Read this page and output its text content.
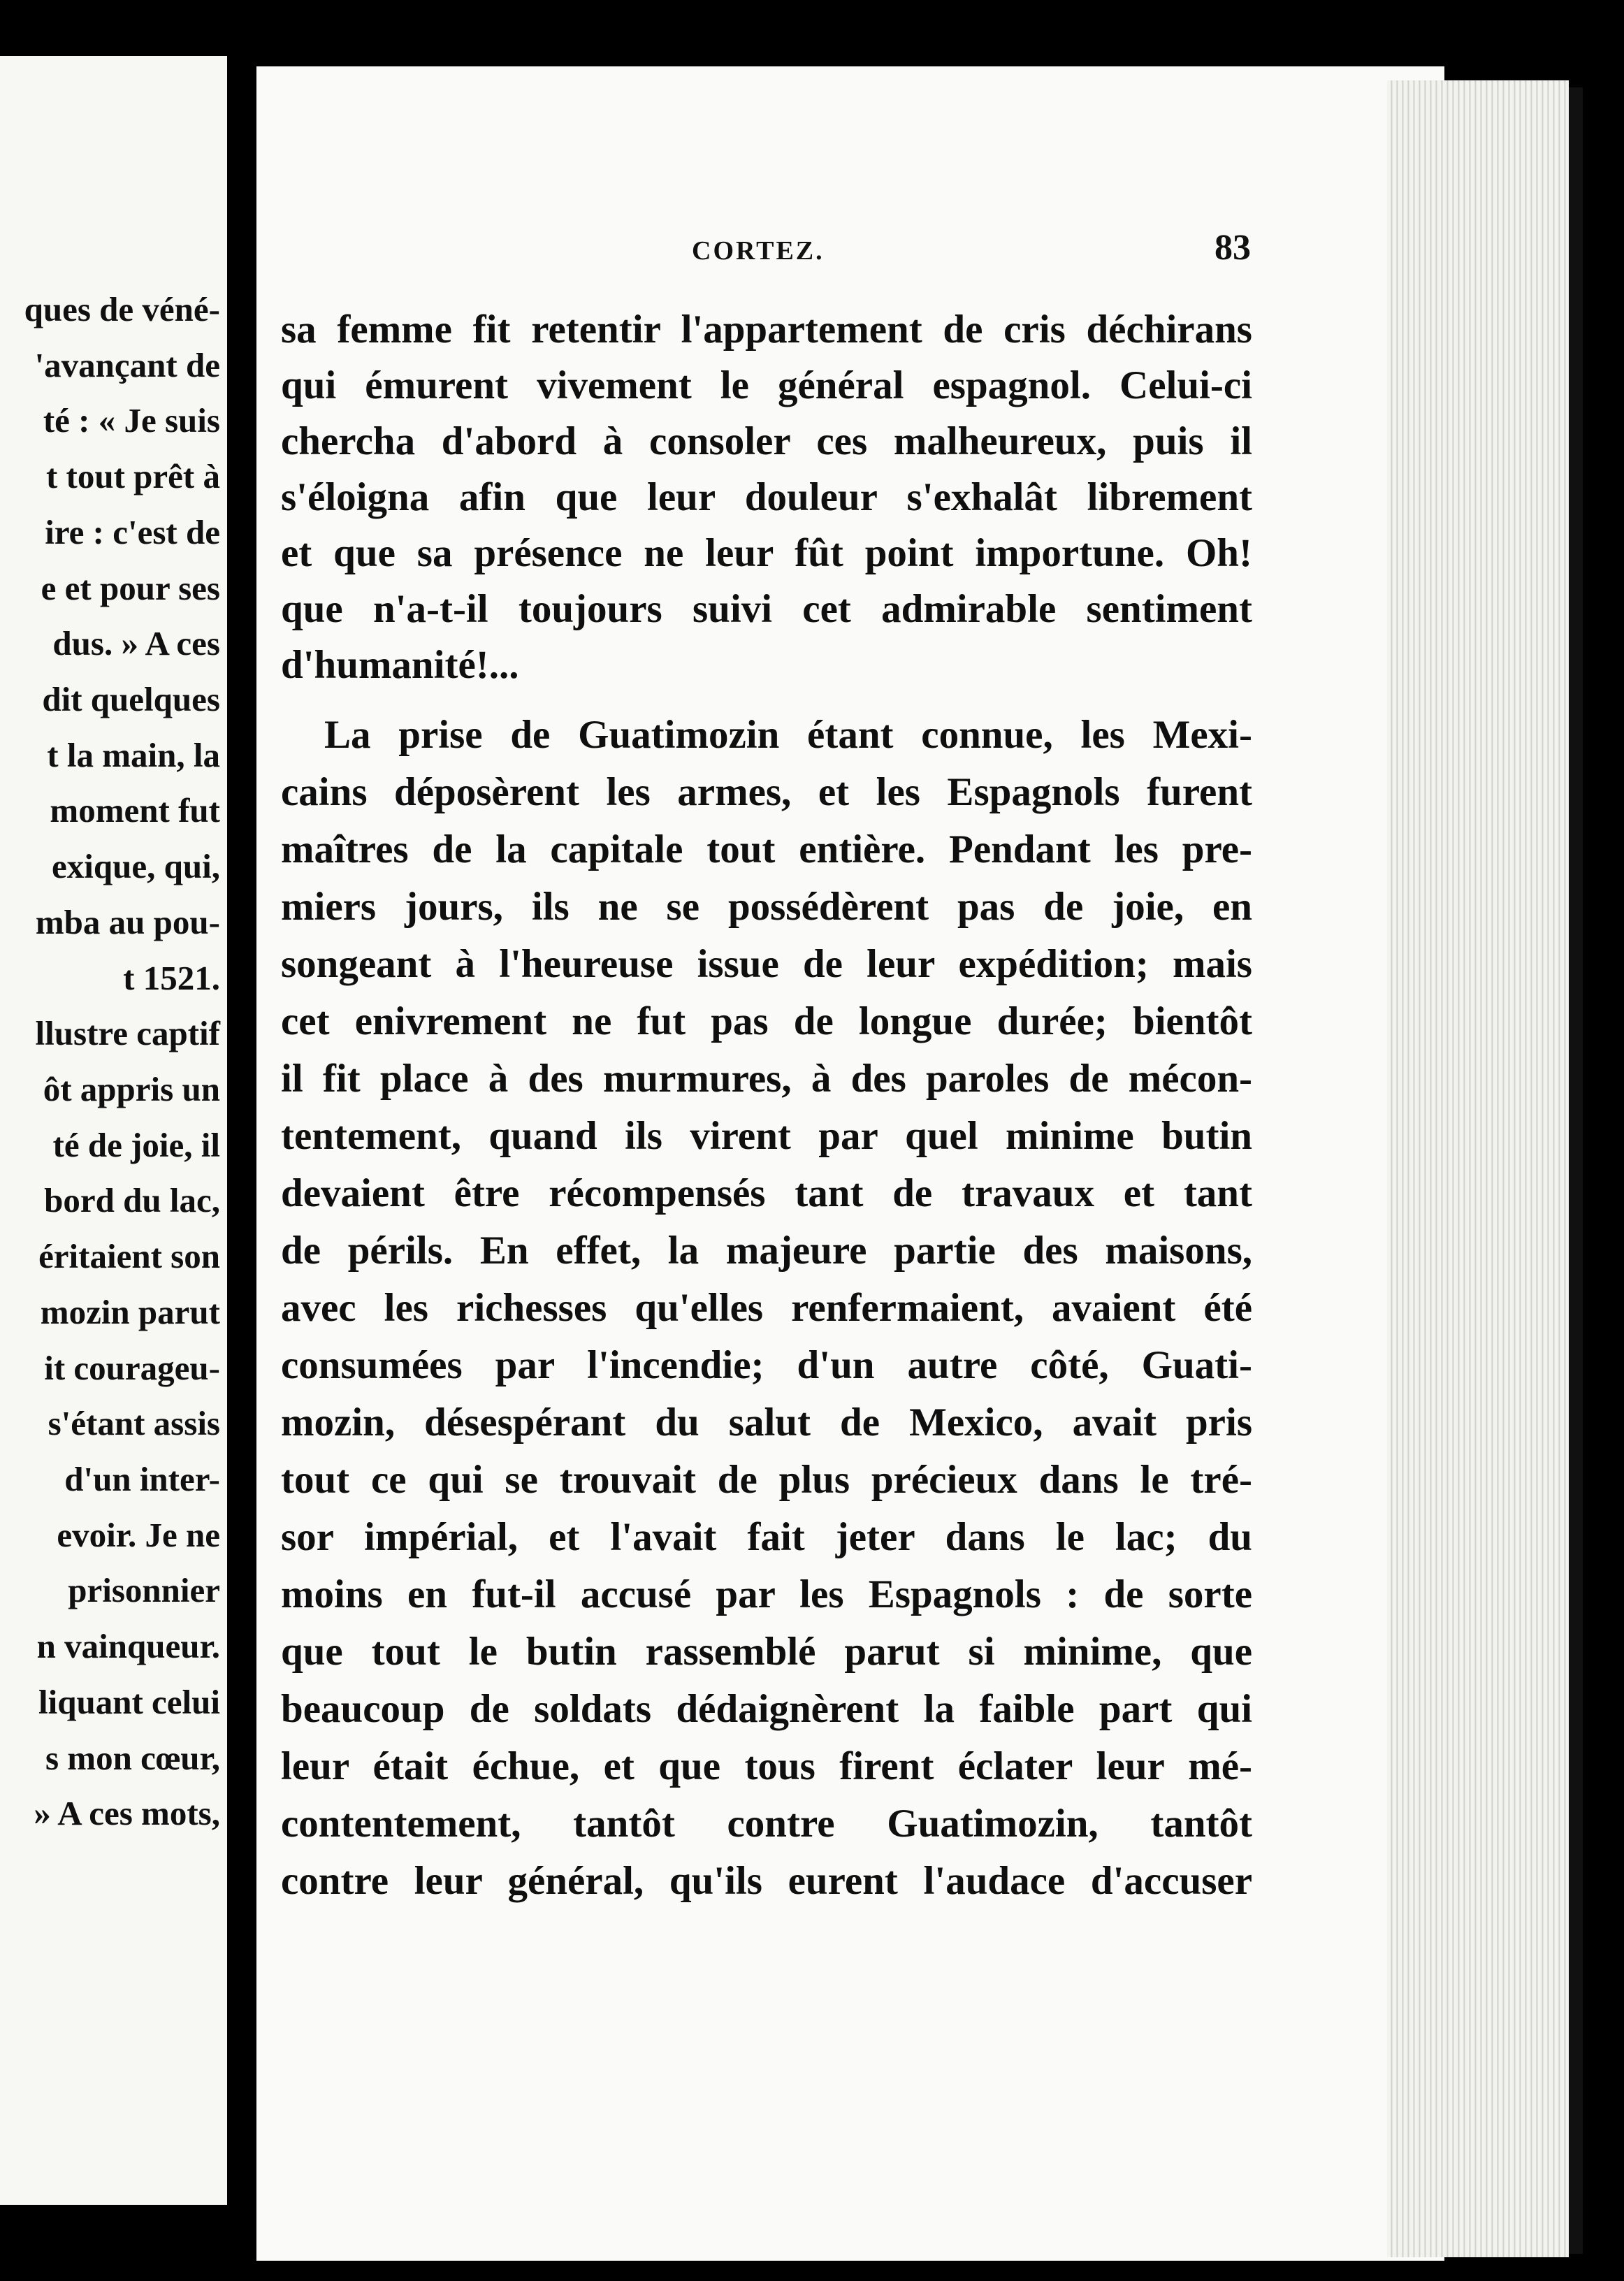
ques de véné-
'avançant de
té : « Je suis
t tout prêt à
ire : c'est de
e et pour ses
dus. » A ces
dit quelques
t la main, la
moment fut
exique, qui,
mba au pou-
t 1521.
llustre captif
ôt appris un
té de joie, il
bord du lac,
éritaient son
mozin parut
it courageu-
s'étant assis
d'un inter-
evoir. Je ne
prisonnier
n vainqueur.
liquant celui
s mon cœur,
» A ces mots,
CORTEZ.	83
sa femme fit retentir l'appartement de cris déchirans
qui émurent vivement le général espagnol. Celui-ci
chercha d'abord à consoler ces malheureux, puis il
s'éloigna afin que leur douleur s'exhalât librement
et que sa présence ne leur fût point importune. Oh!
que n'a-t-il toujours suivi cet admirable sentiment
d'humanité!...
La prise de Guatimozin étant connue, les Mexi-
cains déposèrent les armes, et les Espagnols furent
maîtres de la capitale tout entière. Pendant les pre-
miers jours, ils ne se possédèrent pas de joie, en
songeant à l'heureuse issue de leur expédition; mais
cet enivrement ne fut pas de longue durée; bientôt
il fit place à des murmures, à des paroles de mécon-
tentement, quand ils virent par quel minime butin
devaient être récompensés tant de travaux et tant
de périls. En effet, la majeure partie des maisons,
avec les richesses qu'elles renfermaient, avaient été
consumées par l'incendie; d'un autre côté, Guati-
mozin, désespérant du salut de Mexico, avait pris
tout ce qui se trouvait de plus précieux dans le tré-
sor impérial, et l'avait fait jeter dans le lac; du
moins en fut-il accusé par les Espagnols : de sorte
que tout le butin rassemblé parut si minime, que
beaucoup de soldats dédaignèrent la faible part qui
leur était échue, et que tous firent éclater leur mé-
contentement, tantôt contre Guatimozin, tantôt
contre leur général, qu'ils eurent l'audace d'accuser
